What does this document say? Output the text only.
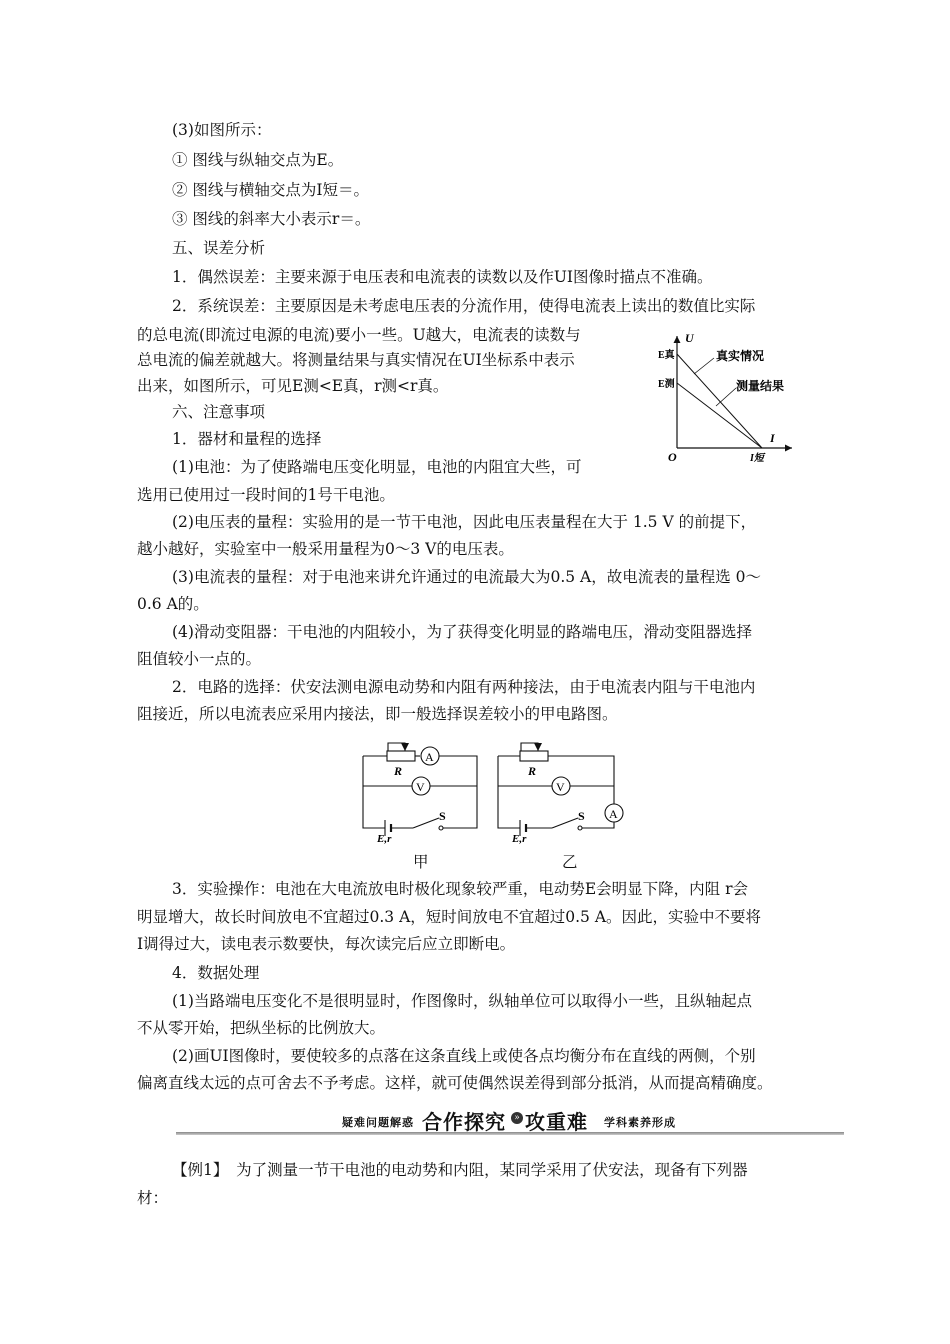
(3)如图所示：
① 图线与纵轴交点为E。
② 图线与横轴交点为I短＝。
③ 图线的斜率大小表示r＝。
五、误差分析
1．偶然误差：主要来源于电压表和电流表的读数以及作UI图像时描点不准确。
2．系统误差：主要原因是未考虑电压表的分流作用，使得电流表上读出的数值比实际
的总电流(即流过电源的电流)要小一些。U越大，电流表的读数与
总电流的偏差就越大。将测量结果与真实情况在UI坐标系中表示
出来，如图所示，可见E测<E真，r测<r真。
六、注意事项
1．器材和量程的选择
(1)电池：为了使路端电压变化明显，电池的内阻宜大些，可
选用已使用过一段时间的1号干电池。
(2)电压表的量程：实验用的是一节干电池，因此电压表量程在大于 1.5 V 的前提下，
越小越好，实验室中一般采用量程为0～3 V的电压表。
(3)电流表的量程：对于电池来讲允许通过的电流最大为0.5 A，故电流表的量程选 0～
0.6 A的。
(4)滑动变阻器：干电池的内阻较小，为了获得变化明显的路端电压，滑动变阻器选择
阻值较小一点的。
2．电路的选择：伏安法测电源电动势和内阻有两种接法，由于电流表内阻与干电池内
阻接近，所以电流表应采用内接法，即一般选择误差较小的甲电路图。
U
I
O
E真
E测
I短
真实情况
测量结果
R
A
V
S
E,r
R
V
A
S
E,r
甲	乙
3．实验操作：电池在大电流放电时极化现象较严重，电动势E会明显下降，内阻 r会
明显增大，故长时间放电不宜超过0.3 A，短时间放电不宜超过0.5 A。因此，实验中不要将
I调得过大，读电表示数要快，每次读完后应立即断电。
4．数据处理
(1)当路端电压变化不是很明显时，作图像时，纵轴单位可以取得小一些，且纵轴起点
不从零开始，把纵坐标的比例放大。
(2)画UI图像时，要使较多的点落在这条直线上或使各点均衡分布在直线的两侧，个别
偏离直线太远的点可舍去不予考虑。这样，就可使偶然误差得到部分抵消，从而提高精确度。
疑难问题解惑 合作探究 » 攻重难 学科素养形成
【例1】　为了测量一节干电池的电动势和内阻，某同学采用了伏安法，现备有下列器
材：
